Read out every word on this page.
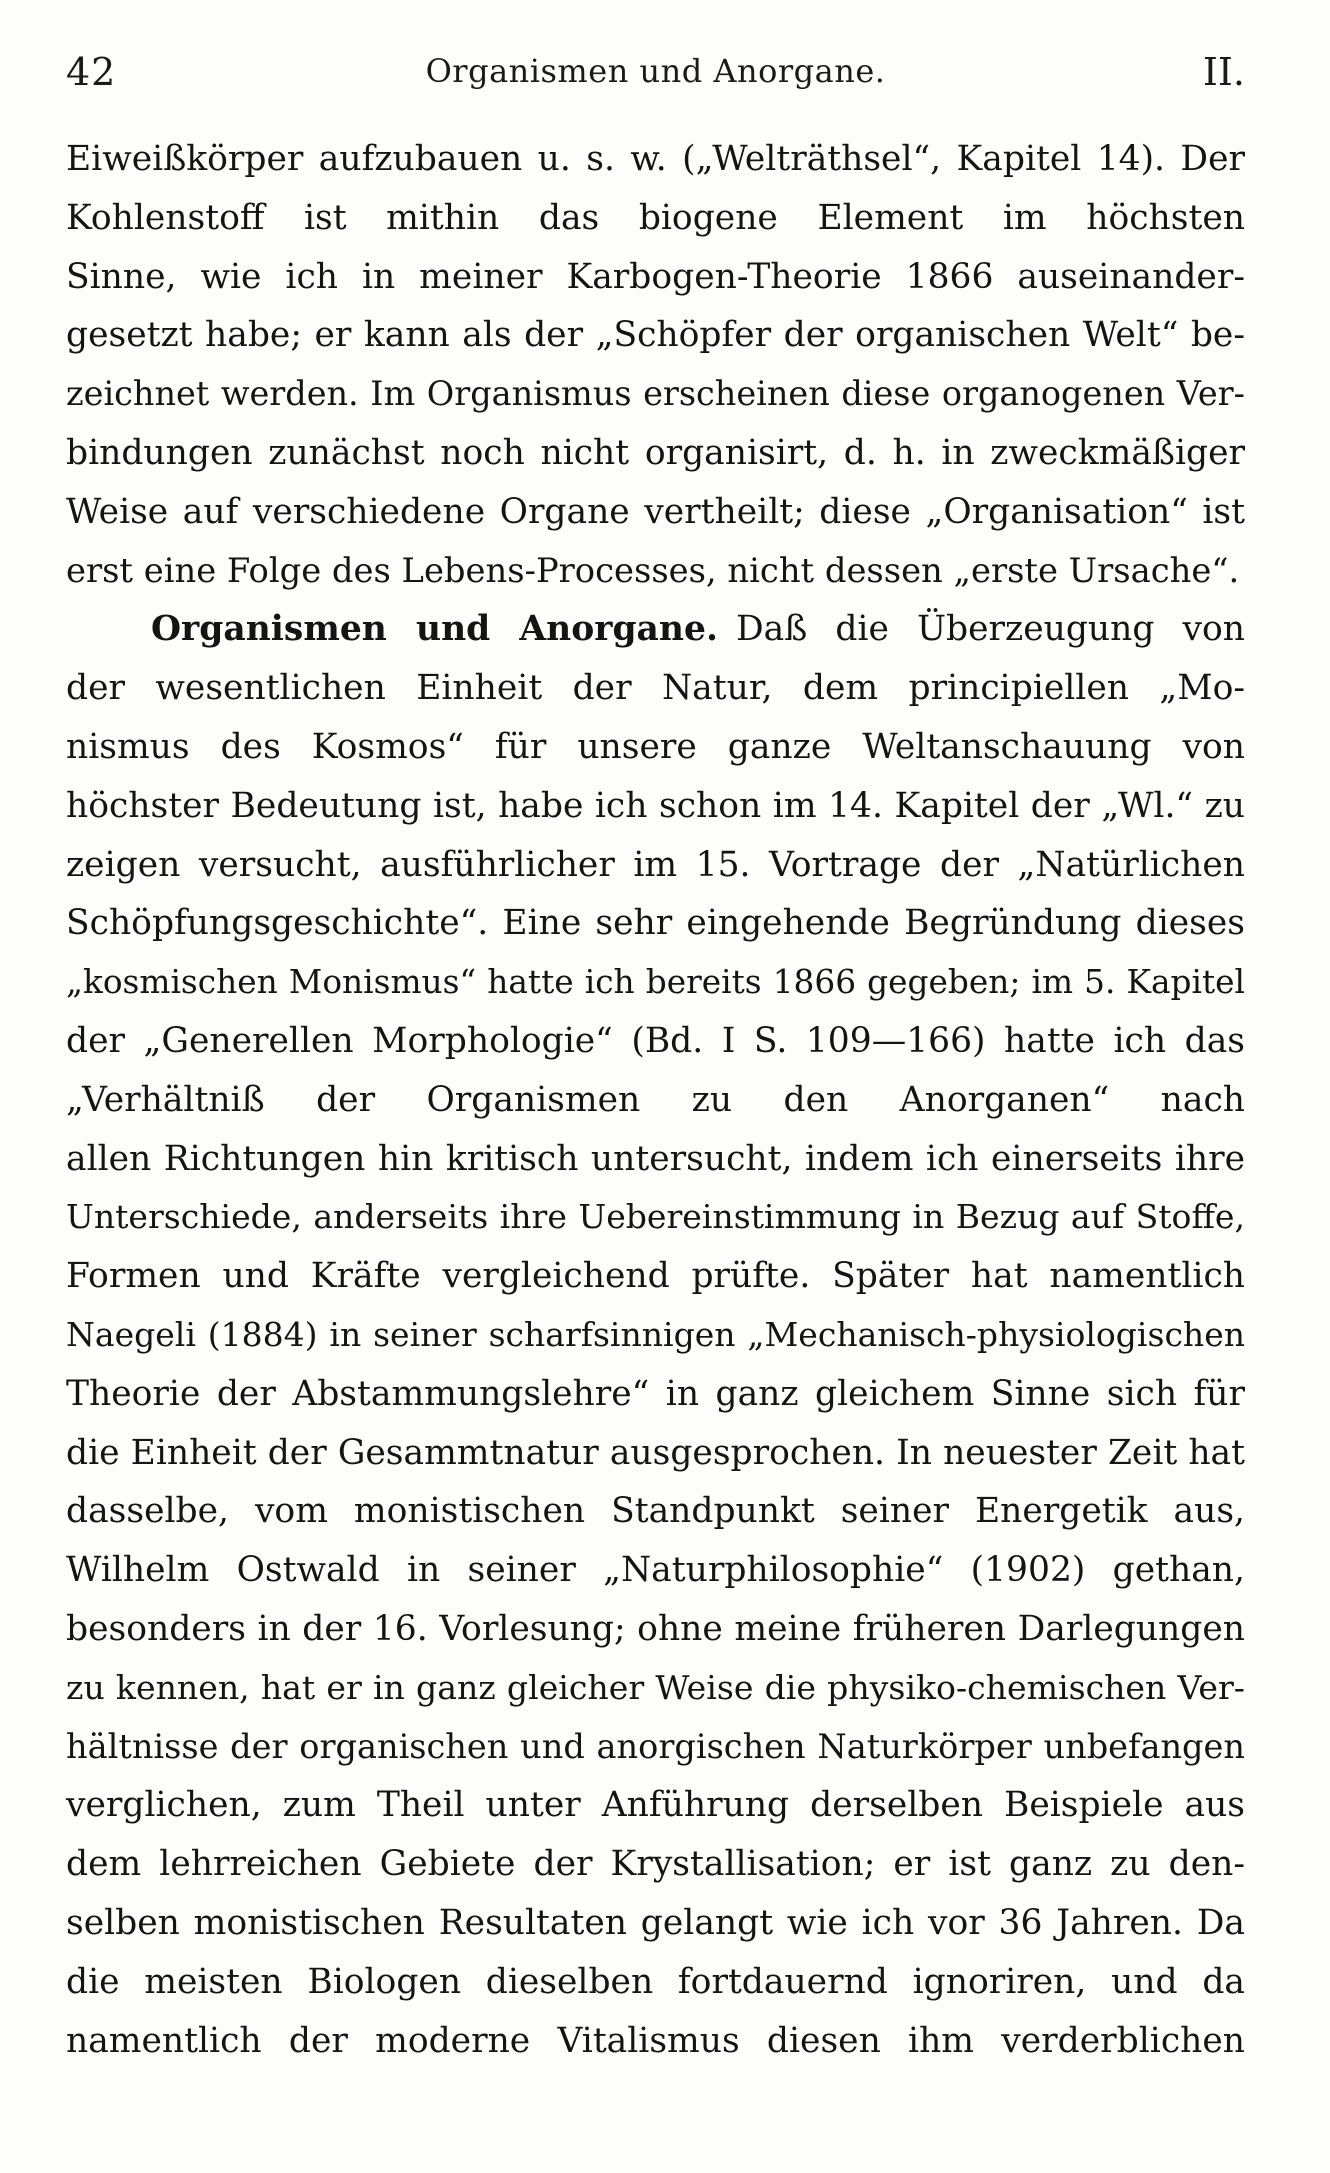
42	Organismen und Anorgane.	II.
Eiweißkörper aufzubauen u. s. w. („Welträthsel“, Kapitel 14). Der
Kohlenstoff ist mithin das biogene Element im höchsten
Sinne, wie ich in meiner Karbogen-Theorie 1866 auseinander-
gesetzt habe; er kann als der „Schöpfer der organischen Welt“ be-
zeichnet werden. Im Organismus erscheinen diese organogenen Ver-
bindungen zunächst noch nicht organisirt, d. h. in zweckmäßiger
Weise auf verschiedene Organe vertheilt; diese „Organisation“ ist
erst eine Folge des Lebens-Processes, nicht dessen „erste Ursache“.
Organismen und Anorgane. Daß die Überzeugung von
der wesentlichen Einheit der Natur, dem principiellen „Mo-
nismus des Kosmos“ für unsere ganze Weltanschauung von
höchster Bedeutung ist, habe ich schon im 14. Kapitel der „Wl.“ zu
zeigen versucht, ausführlicher im 15. Vortrage der „Natürlichen
Schöpfungsgeschichte“. Eine sehr eingehende Begründung dieses
„kosmischen Monismus“ hatte ich bereits 1866 gegeben; im 5. Kapitel
der „Generellen Morphologie“ (Bd. I S. 109—166) hatte ich das
„Verhältniß der Organismen zu den Anorganen“ nach
allen Richtungen hin kritisch untersucht, indem ich einerseits ihre
Unterschiede, anderseits ihre Uebereinstimmung in Bezug auf Stoffe,
Formen und Kräfte vergleichend prüfte. Später hat namentlich
Naegeli (1884) in seiner scharfsinnigen „Mechanisch-physiologischen
Theorie der Abstammungslehre“ in ganz gleichem Sinne sich für
die Einheit der Gesammtnatur ausgesprochen. In neuester Zeit hat
dasselbe, vom monistischen Standpunkt seiner Energetik aus,
Wilhelm Ostwald in seiner „Naturphilosophie“ (1902) gethan,
besonders in der 16. Vorlesung; ohne meine früheren Darlegungen
zu kennen, hat er in ganz gleicher Weise die physiko-chemischen Ver-
hältnisse der organischen und anorgischen Naturkörper unbefangen
verglichen, zum Theil unter Anführung derselben Beispiele aus
dem lehrreichen Gebiete der Krystallisation; er ist ganz zu den-
selben monistischen Resultaten gelangt wie ich vor 36 Jahren. Da
die meisten Biologen dieselben fortdauernd ignoriren, und da
namentlich der moderne Vitalismus diesen ihm verderblichen
